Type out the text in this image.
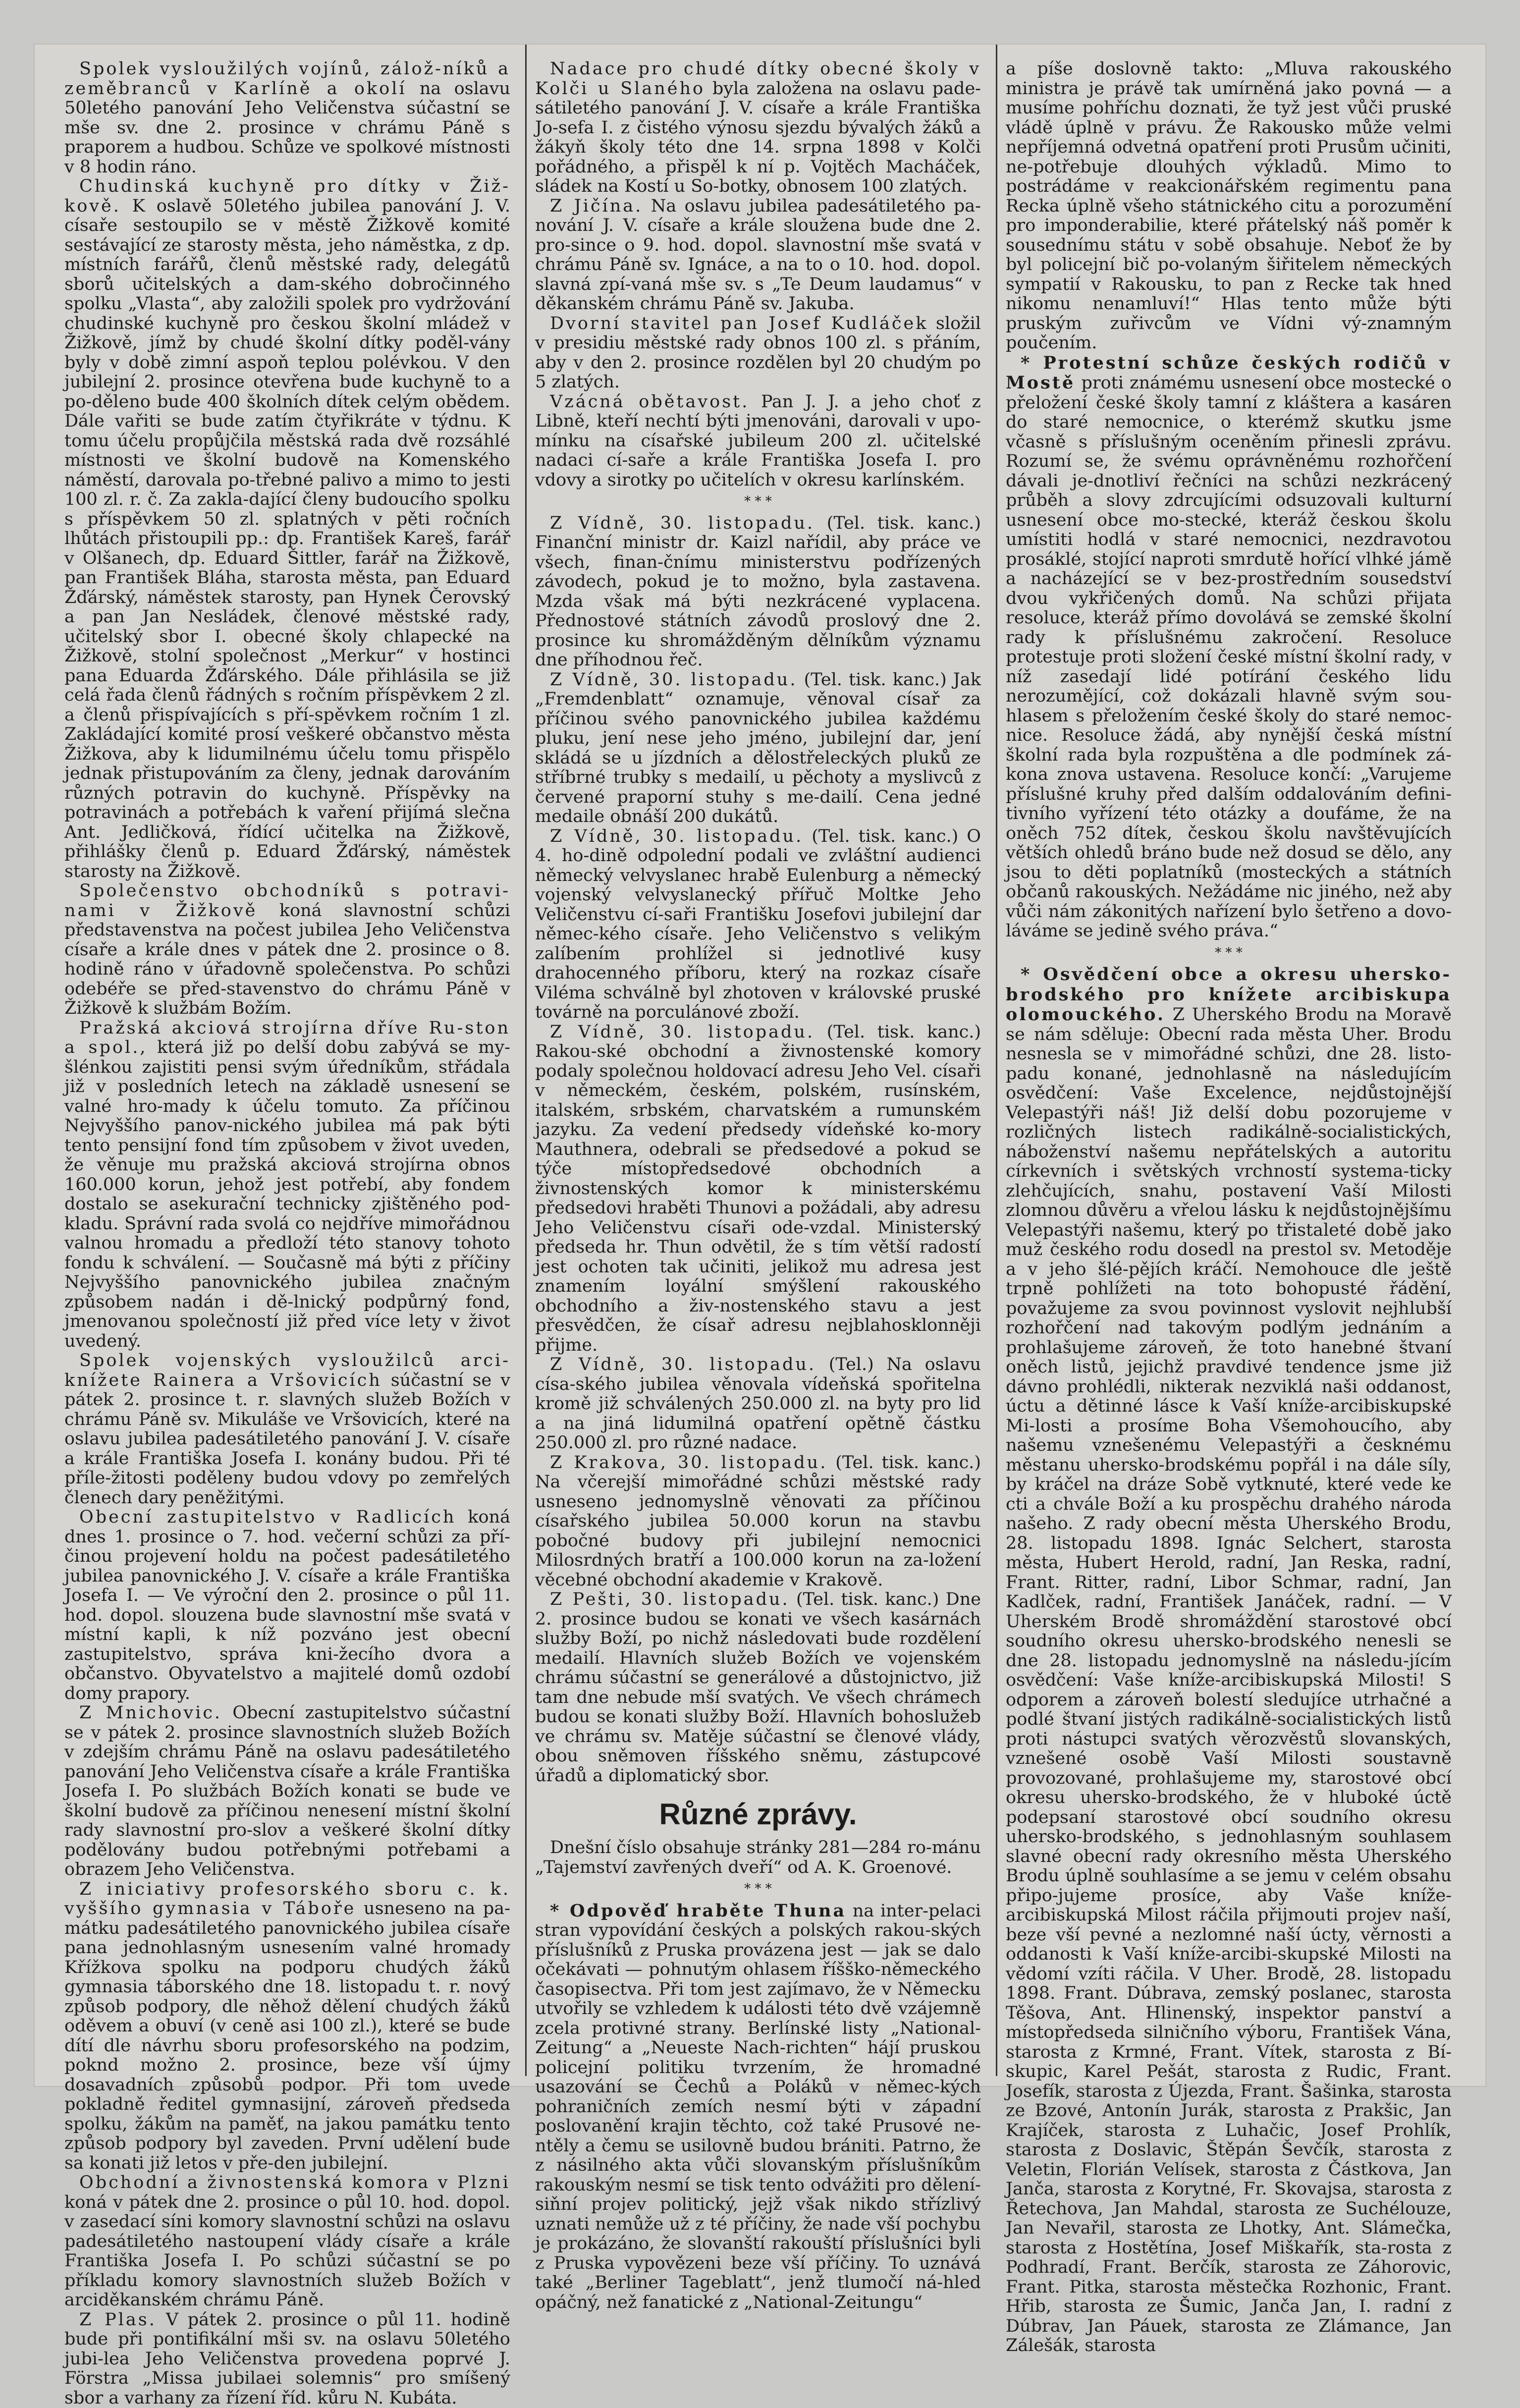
Spolek vysloužilých vojínů, zálož-níků a zeměbranců v Karlíně a okolí na oslavu 50letého panování Jeho Veličenstva súčastní se mše sv. dne 2. prosince v chrámu Páně s praporem a hudbou. Schůze ve spolkové místnosti v 8 hodin ráno.

Chudinská kuchyně pro dítky v Žiž-kově. K oslavě 50letého jubilea panování J. V. císaře sestoupilo se v městě Žižkově komité sestávající ze starosty města, jeho náměstka, z dp. místních farářů, členů městské rady, delegátů sborů učitelských a dam-ského dobročinného spolku „Vlasta“, aby založili spolek pro vydržování chudinské kuchyně pro českou školní mládež v Žižkově, jímž by chudé školní dítky poděl-vány byly v době zimní aspoň teplou polévkou. V den jubilejní 2. prosince otevřena bude kuchyně to a po-děleno bude 400 školních dítek celým obědem. Dále vařiti se bude zatím čtyřikráte v týdnu. K tomu účelu propůjčila městská rada dvě rozsáhlé místnosti ve školní budově na Komenského náměstí, darovala po-třebné palivo a mimo to jesti 100 zl. r. č. Za zakla-dající členy budoucího spolku s příspěvkem 50 zl. splatných v pěti ročních lhůtách přistoupili pp.: dp. František Kareš, farář v Olšanech, dp. Eduard Šittler, farář na Žižkově, pan František Bláha, starosta města, pan Eduard Žďárský, náměstek starosty, pan Hynek Čerovský a pan Jan Nesládek, členové městské rady, učitelský sbor I. obecné školy chlapecké na Žižkově, stolní společnost „Merkur“ v hostinci pana Eduarda Žďárského. Dále přihlásila se již celá řada členů řádných s ročním příspěvkem 2 zl. a členů přispívajících s pří-spěvkem ročním 1 zl. Zakládající komité prosí veškeré občanstvo města Žižkova, aby k lidumilnému účelu tomu přispělo jednak přistupováním za členy, jednak darováním různých potravin do kuchyně. Příspěvky na potravinách a potřebách k vaření přijímá slečna Ant. Jedličková, řídící učitelka na Žižkově, přihlášky členů p. Eduard Žďárský, náměstek starosty na Žižkově.

Společenstvo obchodníků s potravi-nami v Žižkově koná slavnostní schůzi představenstva na počest jubilea Jeho Veličenstva císaře a krále dnes v pátek dne 2. prosince o 8. hodině ráno v úřadovně společenstva. Po schůzi odebéře se před-stavenstvo do chrámu Páně v Žižkově k službám Božím.

Pražská akciová strojírna dříve Ru-ston a spol., která již po delší dobu zabývá se my-šlénkou zajistiti pensi svým úředníkům, střádala již v posledních letech na základě usnesení se valné hro-mady k účelu tomuto. Za příčinou Nejvyššího panov-nického jubilea má pak býti tento pensijní fond tím způsobem v život uveden, že věnuje mu pražská akciová strojírna obnos 160.000 korun, jehož jest potřebí, aby fondem dostalo se asekurační technicky zjištěného pod-kladu. Správní rada svolá co nejdříve mimořádnou valnou hromadu a předloží této stanovy tohoto fondu k schválení. — Současně má býti z příčiny Nejvyššího panovnického jubilea značným způsobem nadán i dě-lnický podpůrný fond, jmenovanou společností již před více lety v život uvedený.

Spolek vojenských vysloužilců arci-knížete Rainera a Vršovicích súčastní se v pátek 2. prosince t. r. slavných služeb Božích v chrámu Páně sv. Mikuláše ve Vršovicích, které na oslavu jubilea padesátiletého panování J. V. císaře a krále Františka Josefa I. konány budou. Při té příle-žitosti poděleny budou vdovy po zemřelých členech dary peněžitými.

Obecní zastupitelstvo v Radlicích koná dnes 1. prosince o 7. hod. večerní schůzi za pří-činou projevení holdu na počest padesátiletého jubilea panovnického J. V. císaře a krále Františka Josefa I. — Ve výroční den 2. prosince o půl 11. hod. dopol. slouzena bude slavnostní mše svatá v místní kapli, k níž pozváno jest obecní zastupitelstvo, správa kni-žecího dvora a občanstvo. Obyvatelstvo a majitelé domů ozdobí domy prapory.

Z Mnichovic. Obecní zastupitelstvo súčastní se v pátek 2. prosince slavnostních služeb Božích v zdejším chrámu Páně na oslavu padesátiletého panování Jeho Veličenstva císaře a krále Františka Josefa I. Po službách Božích konati se bude ve školní budově za příčinou nenesení místní školní rady slavnostní pro-slov a veškeré školní dítky podělovány budou potřebnými potřebami a obrazem Jeho Veličenstva.

Z iniciativy profesorského sboru c. k. vyššího gymnasia v Táboře usneseno na pa-mátku padesátiletého panovnického jubilea císaře pana jednohlasným usnesením valné hromady Křížkova spolku na podporu chudých žáků gymnasia táborského dne 18. listopadu t. r. nový způsob podpory, dle něhož dělení chudých žáků oděvem a obuví (v ceně asi 100 zl.), které se bude dítí dle návrhu sboru profesorského na podzim, poknd možno 2. prosince, beze vší újmy dosavadních způsobů podpor. Při tom uvede pokladně ředitel gymnasijní, zároveň předseda spolku, žákům na paměť, na jakou památku tento způsob podpory byl zaveden. První udělení bude sa konati již letos v pře-den jubilejní.

Obchodní a živnostenská komora v Plzni koná v pátek dne 2. prosince o půl 10. hod. dopol. v zasedací síni komory slavnostní schůzi na oslavu padesátiletého nastoupení vlády císaře a krále Františka Josefa I. Po schůzi súčastní se po příkladu komory slavnostních služeb Božích v arciděkanském chrámu Páně.

Z Plas. V pátek 2. prosince o půl 11. hodině bude při pontifikální mši sv. na oslavu 50letého jubi-lea Jeho Veličenstva provedena poprvé J. Förstra „Missa jubilaei solemnis“ pro smíšený sbor a varhany za řízení říd. kůru N. Kubáta.

Nadace pro chudé dítky obecné školy v Kolči u Slaného byla založena na oslavu pade-sátiletého panování J. V. císaře a krále Františka Jo-sefa I. z čistého výnosu sjezdu bývalých žáků a žákyň školy této dne 14. srpna 1898 v Kolči pořádného, a přispěl k ní p. Vojtěch Macháček, sládek na Kostí u So-botky, obnosem 100 zlatých.

Z Jičína. Na oslavu jubilea padesátiletého pa-nování J. V. císaře a krále sloužena bude dne 2. pro-since o 9. hod. dopol. slavnostní mše svatá v chrámu Páně sv. Ignáce, a na to o 10. hod. dopol. slavná zpí-vaná mše sv. s „Te Deum laudamus“ v děkanském chrámu Páně sv. Jakuba.

Dvorní stavitel pan Josef Kudláček složil v presidiu městské rady obnos 100 zl. s přáním, aby v den 2. prosince rozdělen byl 20 chudým po 5 zlatých.

Vzácná obětavost. Pan J. J. a jeho choť z Libně, kteří nechtí býti jmenováni, darovali v upo-mínku na císařské jubileum 200 zl. učitelské nadaci cí-saře a krále Františka Josefa I. pro vdovy a sirotky po učitelích v okresu karlínském.

* * *

Z Vídně, 30. listopadu. (Tel. tisk. kanc.) Finanční ministr dr. Kaizl nařídil, aby práce ve všech, finan-čnímu ministerstvu podřízených závodech, pokud je to možno, byla zastavena. Mzda však má býti nezkrácené vyplacena. Přednostové státních závodů proslový dne 2. prosince ku shromážděným dělníkům významu dne příhodnou řeč.

Z Vídně, 30. listopadu. (Tel. tisk. kanc.) Jak „Fremdenblatt“ oznamuje, věnoval císař za příčinou svého panovnického jubilea každému pluku, jení nese jeho jméno, jubilejní dar, jení skládá se u jízdních a dělostřeleckých pluků ze stříbrné trubky s medailí, u pěchoty a myslivců z červené praporní stuhy s me-dailí. Cena jedné medaile obnáší 200 dukátů.

Z Vídně, 30. listopadu. (Tel. tisk. kanc.) O 4. ho-dině odpolední podali ve zvláštní audienci německý velvyslanec hrabě Eulenburg a německý vojenský velvyslanecký přířuč Moltke Jeho Veličenstvu cí-saři Františku Josefovi jubilejní dar němec-kého císaře. Jeho Veličenstvo s velikým zalíbením prohlížel si jednotlivé kusy drahocenného příboru, který na rozkaz císaře Viléma schválně byl zhotoven v královské pruské továrně na porculánové zboží.

Z Vídně, 30. listopadu. (Tel. tisk. kanc.) Rakou-ské obchodní a živnostenské komory podaly společnou holdovací adresu Jeho Vel. císaři v německém, českém, polském, rusínském, italském, srbském, charvatském a rumunském jazyku. Za vedení předsedy vídeňské ko-mory Mauthnera, odebrali se předsedové a pokud se týče místopředsedové obchodních a živnostenských komor k ministerskému předsedovi hraběti Thunovi a požádali, aby adresu Jeho Veličenstvu císaři ode-vzdal. Ministerský předseda hr. Thun odvětil, že s tím větší radostí jest ochoten tak učiniti, jelikož mu adresa jest znamením loyální smýšlení rakouského obchodního a živ-nostenského stavu a jest přesvědčen, že císař adresu nejblahosklonněji přijme.

Z Vídně, 30. listopadu. (Tel.) Na oslavu císa-ského jubilea věnovala vídeňská spořitelna kromě již schválených 250.000 zl. na byty pro lid a na jiná lidumilná opatření opětně částku 250.000 zl. pro různé nadace.

Z Krakova, 30. listopadu. (Tel. tisk. kanc.) Na včerejší mimořádné schůzi městské rady usneseno jednomyslně věnovati za příčinou císařského jubilea 50.000 korun na stavbu pobočné budovy při jubilejní nemocnici Milosrdných bratří a 100.000 korun na za-ložení věcebné obchodní akademie v Krakově.

Z Pešti, 30. listopadu. (Tel. tisk. kanc.) Dne 2. prosince budou se konati ve všech kasárnách služby Boží, po nichž následovati bude rozdělení medailí. Hlavních služeb Božích ve vojenském chrámu súčastní se generálové a důstojnictvo, již tam dne nebude mší svatých. Ve všech chrámech budou se konati služby Boží. Hlavních bohoslužeb ve chrámu sv. Matěje súčastní se členové vlády, obou sněmoven říšského sněmu, zástupcové úřadů a diplomatický sbor.

Různé zprávy.

Dnešní číslo obsahuje stránky 281—284 ro-mánu „Tajemství zavřených dveří“ od A. K. Groenové.

* * *

* Odpověď hraběte Thuna na inter-pelaci stran vypovídání českých a polských rakou-ských příslušníků z Pruska provázena jest — jak se dalo očekávati — pohnutým ohlasem říšško-německého časopisectva. Při tom jest zajímavo, že v Německu utvořily se vzhledem k události této dvě vzájemně zcela protivné strany. Berlínské listy „National-Zeitung“ a „Neueste Nach-richten“ hájí pruskou policejní politiku tvrzením, že hromadné usazování se Čechů a Poláků v němec-kých pohraničních zemích nesmí býti v západní poslovanění krajin těchto, což také Prusové ne-ntěly a čemu se usilovně budou brániti. Patrno, že z násilného akta vůči slovanským příslušníkům rakouským nesmí se tisk tento odvážiti pro dělení-siňní projev politický, jejž však nikdo střízlivý uznati nemůže už z té příčiny, že nade vší pochybu je prokázáno, že slovanští rakouští příslušníci byli z Pruska vypovězeni beze vší příčiny. To uznává také „Berliner Tageblatt“, jenž tlumočí ná-hled opáčný, než fanatické z „National-Zeitungu“

a píše doslovně takto: „Mluva rakouského ministra je právě tak umírněná jako povná — a musíme pohříchu doznati, že tyž jest vůči pruské vládě úplně v právu. Že Rakousko může velmi nepříjemná odvetná opatření proti Prusům učiniti, ne-potřebuje dlouhých výkladů. Mimo to postrádáme v reakcionářském regimentu pana Recka úplně všeho státnického citu a porozumění pro imponderabilie, které přátelský náš poměr k sousednímu státu v sobě obsahuje. Neboť že by byl policejní bič po-volaným šiřitelem německých sympatií v Rakousku, to pan z Recke tak hned nikomu nenamluví!“ Hlas tento může býti pruským zuřivcům ve Vídni vý-znamným poučením.

* Protestní schůze českých rodičů v Mostě proti známému usnesení obce mostecké o přeložení české školy tamní z klášterа a kasáren do staré nemocnice, o kterémž skutku jsme včasně s příslušným oceněním přinesli zprávu. Rozumí se, že svému oprávněnému rozhořčení dávali je-dnotliví řečníci na schůzi nezkrácený průběh a slovy zdrcujícími odsuzovali kulturní usnesení obce mo-stecké, kteráž českou školu umístiti hodlá v staré nemocnici, nezdravotou prosáklé, stojící naproti smrdutě hořící vlhké jámě a nacházející se v bez-prostředním sousedství dvou vykřičených domů. Na schůzi přijata resoluce, kteráž přímo dovolává se zemské školní rady k příslušnému zakročení. Resoluce protestuje proti složení české místní školní rady, v níž zasedají lidé potírání českého lidu nerozumějící, což dokázali hlavně svým sou-hlasem s přeložením české školy do staré nemoc-nice. Resoluce žádá, aby nynější česká místní školní rada byla rozpuštěna a dle podmínek zá-kona znova ustavena. Resoluce končí: „Varujeme příslušné kruhy před dalším oddalováním defini-tivního vyřízení této otázky a doufáme, že na oněch 752 dítek, českou školu navštěvujících větších ohledů bráno bude než dosud se dělo, any jsou to děti poplatníků (mosteckých a státních občanů rakouských. Nežádáme nic jiného, než aby vůči nám zákonitých nařízení bylo šetřeno a dovo-láváme se jedině svého práva.“

* * *

* Osvědčení obce a okresu uhersko-brodského pro knížete arcibiskupa olomouckého. Z Uherského Brodu na Moravě se nám sděluje: Obecní rada města Uher. Brodu nesnesla se v mimořádné schůzi, dne 28. listo-padu konané, jednohlasně na následujícím osvědčení: Vaše Excelence, nejdůstojnější Velepastýři náš! Již delší dobu pozorujeme v rozličných listech radikálně-socialistických, náboženství našemu nepřátelských a autoritu církevních i světských vrchností systema-ticky zlehčujících, snahu, postavení Vaší Milosti zlomnou důvěru a vřelou lásku k nejdůstojnějšímu Velepastýři našemu, který po třistaleté době jako muž českého rodu dosedl na prestol sv. Metoděje a v jeho šlé-pějích kráčí. Nemohouce dle ještě trpně pohlížeti na toto bohopusté řádění, považujeme za svou povinnost vyslovit nejhlubší rozhořčení nad takovým podlým jednáním a prohlašujeme zároveň, že toto hanebné štvaní oněch listů, jejichž pravdivé tendence jsme již dávno prohlédli, nikterak nezviklá naši oddanost, úctu a dětinné lásce k Vaší kníže-arcibiskupské Mi-losti a prosíme Boha Všemohoucího, aby našemu vznešenému Velepastýři a česknému městanu uhersko-brodskému popřál i na dále síly, by kráčel na dráze Sobě vytknuté, které vede ke cti a chvále Boží a ku prospěchu drahého národa našeho. Z rady obecní města Uherského Brodu, 28. listopadu 1898. Ignác Selchert, starosta města, Hubert Herold, radní, Jan Reska, radní, Frant. Ritter, radní, Libor Schmar, radní, Jan Kadlček, radní, František Janáček, radní. — V Uherském Brodě shromáždění starostové obcí soudního okresu uhersko-brodského nenesli se dne 28. listopadu jednomyslně na následu-jícím osvědčení: Vaše kníže-arcibiskupská Milosti! S odporem a zároveň bolestí sledujíce utrhačné a podlé štvaní jistých radikálně-socialistických listů proti nástupci svatých věrozvěstů slovanských, vznešené osobě Vaší Milosti soustavně provozované, prohlašujeme my, starostové obcí okresu uhersko-brodského, že v hluboké úctě podepsaní starostové obcí soudního okresu uhersko-brodského, s jednohlasným souhlasem slavné obecní rady okresního města Uherského Brodu úplně souhlasíme a se jemu v celém obsahu připo-jujeme prosíce, aby Vaše kníže-arcibiskupská Milost ráčila přijmouti projev naší, beze vší pevné a nezlomné naší úcty, věrnosti a oddanosti k Vaší kníže-arcibi-skupské Milosti na vědomí vzíti ráčila. V Uher. Brodě, 28. listopadu 1898. Frant. Dúbrava, zemský poslanec, starosta Těšova, Ant. Hlinenský, inspektor panství a místopředseda silničního výboru, František Vána, starosta z Krmné, Frant. Vítek, starosta z Bí-skupic, Karel Pešát, starosta z Rudic, Frant. Josefík, starosta z Újezda, Frant. Šašinka, starosta ze Bzové, Antonín Jurák, starosta z Prakšic, Jan Krajíček, starosta z Luhačic, Josef Prohlík, starosta z Doslavic, Štěpán Ševčík, starosta z Veletin, Florián Velísek, starosta z Částkova, Jan Janča, starosta z Korytné, Fr. Skovajsa, starosta z Řetechova, Jan Mahdal, starosta ze Suchélouze, Jan Nevařil, starosta ze Lhotky, Ant. Slámečka, starosta z Hostětína, Josef Miškařík, sta-rosta z Podhradí, Frant. Berčík, starosta ze Záhorovic, Frant. Pitka, starosta městečka Rozhonic, Frant. Hřib, starosta ze Šumic, Janča Jan, I. radní z Dúbrav, Jan Páuek, starosta ze Zlámance, Jan Zálešák, starosta
